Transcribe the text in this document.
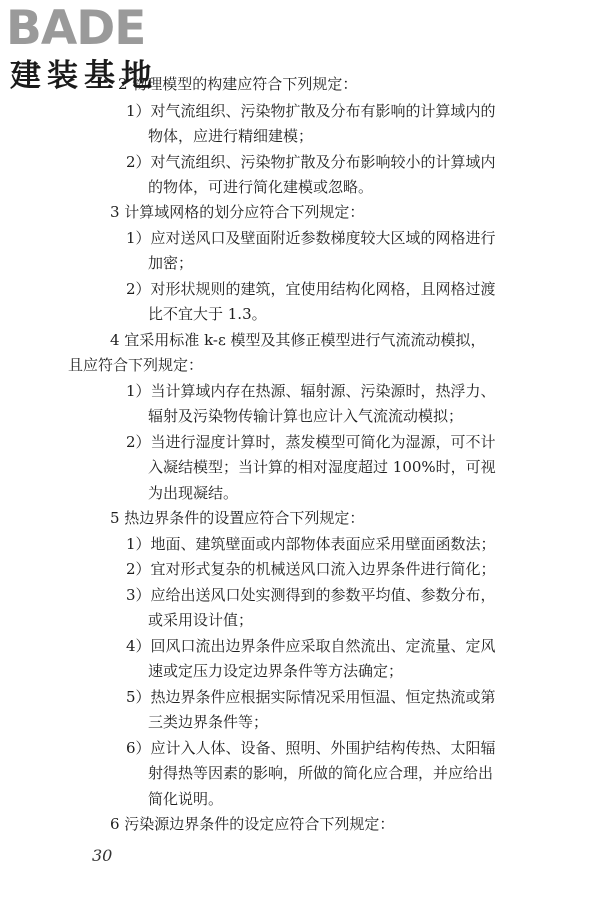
BADE
建装基地
2 物理模型的构建应符合下列规定：
1）对气流组织、污染物扩散及分布有影响的计算域内的
物体，应进行精细建模；
2）对气流组织、污染物扩散及分布影响较小的计算域内
的物体，可进行简化建模或忽略。
3 计算域网格的划分应符合下列规定：
1）应对送风口及壁面附近参数梯度较大区域的网格进行
加密；
2）对形状规则的建筑，宜使用结构化网格，且网格过渡
比不宜大于 1.3。
4 宜采用标准 k-ε 模型及其修正模型进行气流流动模拟，
且应符合下列规定：
1）当计算域内存在热源、辐射源、污染源时，热浮力、
辐射及污染物传输计算也应计入气流流动模拟；
2）当进行湿度计算时，蒸发模型可简化为湿源，可不计
入凝结模型；当计算的相对湿度超过 100%时，可视
为出现凝结。
5 热边界条件的设置应符合下列规定：
1）地面、建筑壁面或内部物体表面应采用壁面函数法；
2）宜对形式复杂的机械送风口流入边界条件进行简化；
3）应给出送风口处实测得到的参数平均值、参数分布，
或采用设计值；
4）回风口流出边界条件应采取自然流出、定流量、定风
速或定压力设定边界条件等方法确定；
5）热边界条件应根据实际情况采用恒温、恒定热流或第
三类边界条件等；
6）应计入人体、设备、照明、外围护结构传热、太阳辐
射得热等因素的影响，所做的简化应合理，并应给出
简化说明。
6 污染源边界条件的设定应符合下列规定：
30
